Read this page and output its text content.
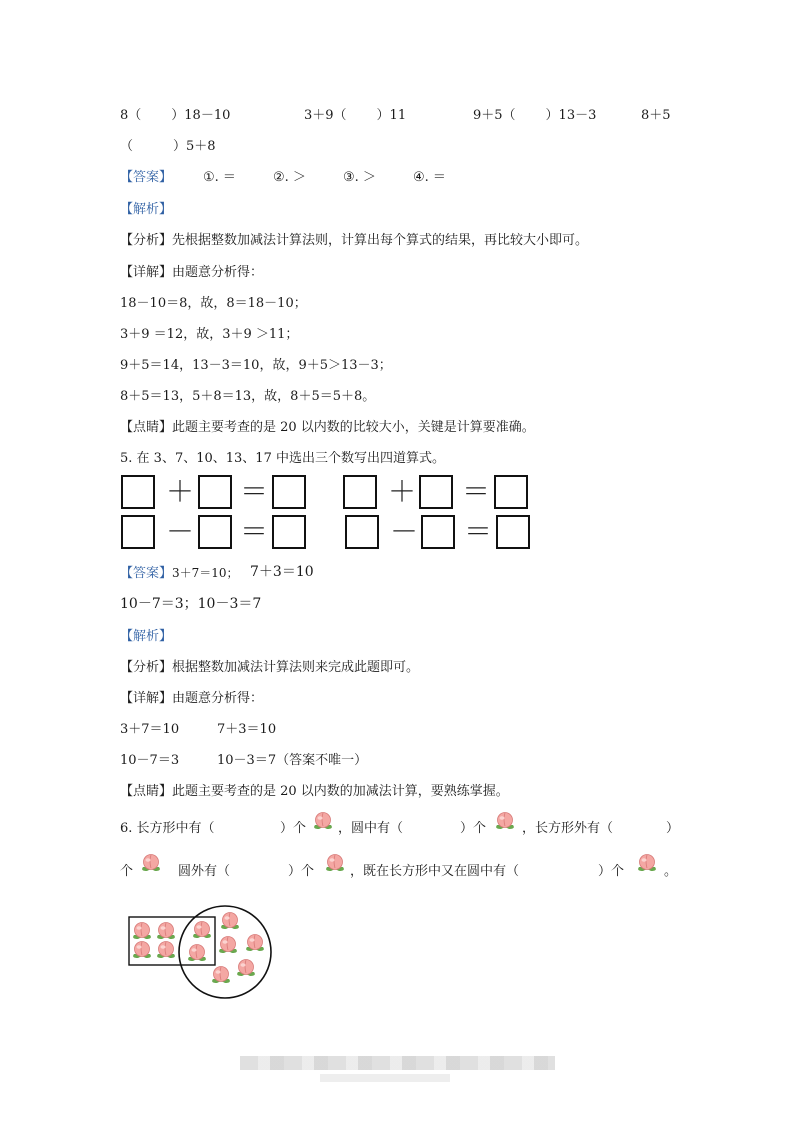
8（ ）18－10	3＋9（ ）11	9＋5（ ）13－3	8＋5
（	）5＋8
【答案】 ①. ＝	②. ＞	③. ＞	④. ＝
【解析】
【分析】先根据整数加减法计算法则，计算出每个算式的结果，再比较大小即可。
【详解】由题意分析得：
18－10＝8，故，8＝18－10；
3＋9 ＝12，故，3＋9 ＞11；
9＋5＝14，13－3＝10，故，9＋5＞13－3；
8＋5＝13，5＋8＝13，故，8＋5＝5＋8。
【点睛】此题主要考查的是 20 以内数的比较大小，关键是计算要准确。
5. 在 3、7、10、13、17 中选出三个数写出四道算式。
＋ ＝	＋ ＝
－ ＝	－ ＝
【答案】3＋7＝10； 7＋3＝10
10－7＝3；10－3＝7
【解析】
【分析】根据整数加减法计算法则来完成此题即可。
【详解】由题意分析得：
3＋7＝10	7＋3＝10
10－7＝3	10－3＝7（答案不唯一）
【点睛】此题主要考查的是 20 以内数的加减法计算，要熟练掌握。
6. 长方形中有（	）个 ，圆中有（	）个	，长方形外有（	）
个	圆外有（	）个	，既在长方形中又在圆中有（	）个	。
